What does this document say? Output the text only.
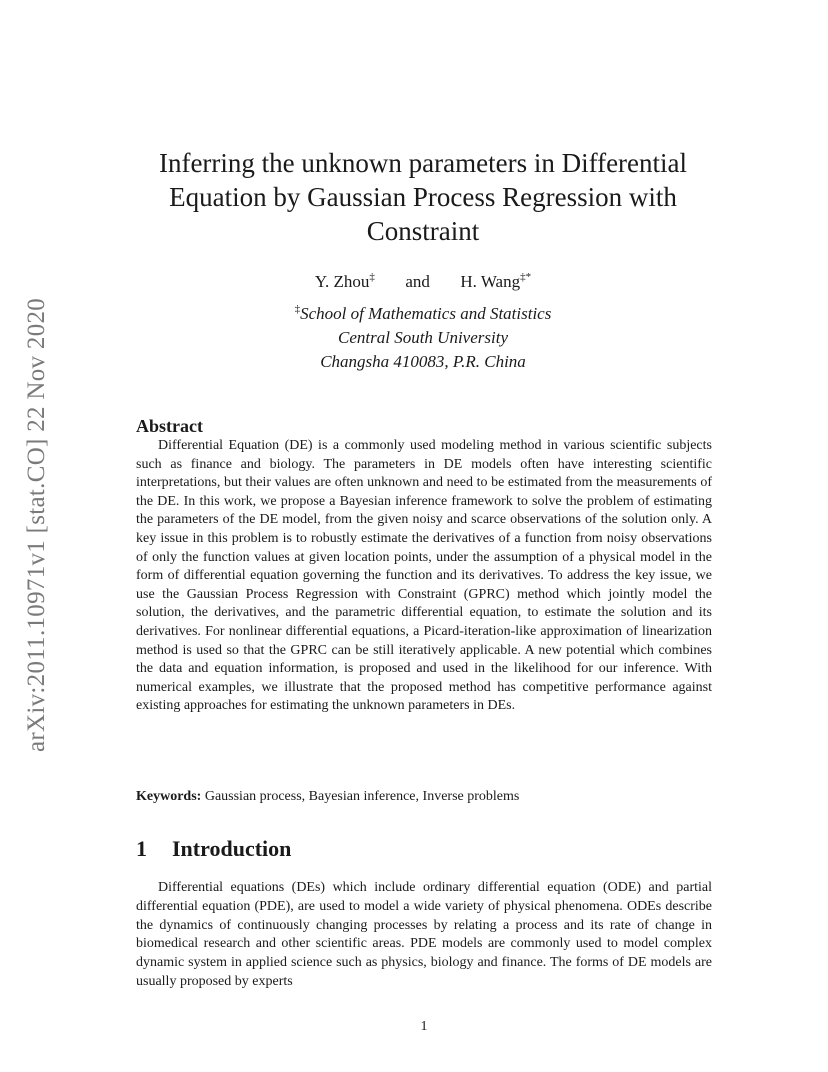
arXiv:2011.10971v1 [stat.CO] 22 Nov 2020
Inferring the unknown parameters in Differential Equation by Gaussian Process Regression with Constraint
Y. Zhou‡ and H. Wang‡*
‡School of Mathematics and Statistics
Central South University
Changsha 410083, P.R. China
Abstract

Differential Equation (DE) is a commonly used modeling method in various scientific subjects such as finance and biology. The parameters in DE models often have interesting scientific interpretations, but their values are often unknown and need to be estimated from the measurements of the DE. In this work, we propose a Bayesian inference framework to solve the problem of estimating the parameters of the DE model, from the given noisy and scarce observations of the solution only. A key issue in this problem is to robustly estimate the derivatives of a function from noisy observations of only the function values at given location points, under the assumption of a physical model in the form of differential equation governing the function and its derivatives. To address the key issue, we use the Gaussian Process Regression with Constraint (GPRC) method which jointly model the solution, the derivatives, and the parametric differential equation, to estimate the solution and its derivatives. For nonlinear differential equations, a Picard-iteration-like approximation of linearization method is used so that the GPRC can be still iteratively applicable. A new potential which combines the data and equation information, is proposed and used in the likelihood for our inference. With numerical examples, we illustrate that the proposed method has competitive performance against existing approaches for estimating the unknown parameters in DEs.

Keywords: Gaussian process, Bayesian inference, Inverse problems

1 Introduction

Differential equations (DEs) which include ordinary differential equation (ODE) and partial differential equation (PDE), are used to model a wide variety of physical phenomena. ODEs describe the dynamics of continuously changing processes by relating a process and its rate of change in biomedical research and other scientific areas. PDE models are commonly used to model complex dynamic system in applied science such as physics, biology and finance. The forms of DE models are usually proposed by experts

1
